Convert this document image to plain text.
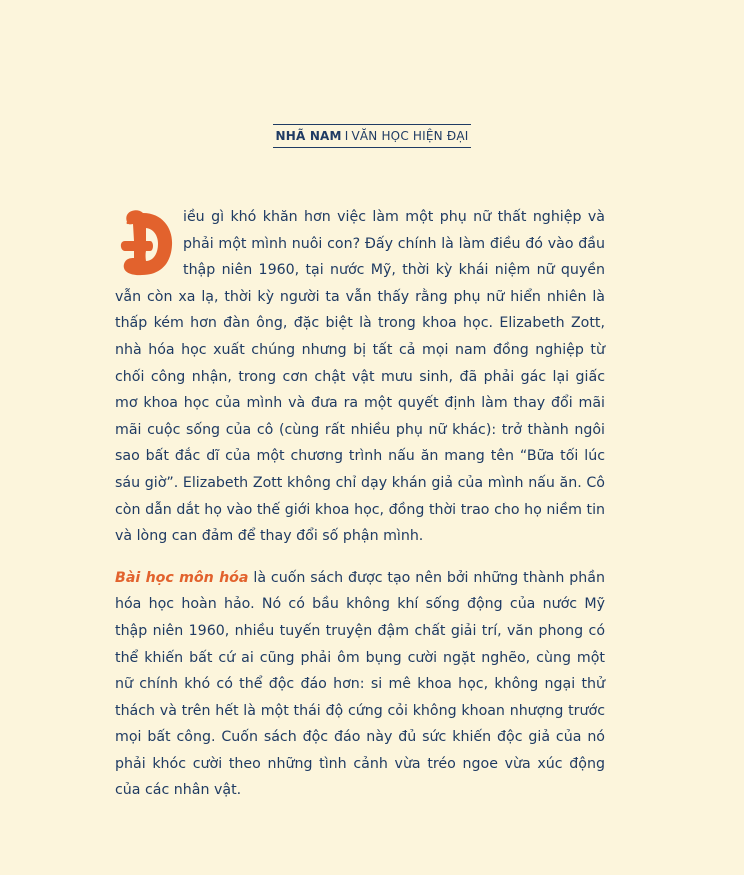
NHÃ NAM I VĂN HỌC HIỆN ĐẠI

iều gì khó khăn hơn việc làm một phụ nữ thất nghiệp và phải một mình nuôi con? Đấy chính là làm điều đó vào đầu thập niên 1960, tại nước Mỹ, thời kỳ khái niệm nữ quyền vẫn còn xa lạ, thời kỳ người ta vẫn thấy rằng phụ nữ hiển nhiên là thấp kém hơn đàn ông, đặc biệt là trong khoa học. Elizabeth Zott, nhà hóa học xuất chúng nhưng bị tất cả mọi nam đồng nghiệp từ chối công nhận, trong cơn chật vật mưu sinh, đã phải gác lại giấc mơ khoa học của mình và đưa ra một quyết định làm thay đổi mãi mãi cuộc sống của cô (cùng rất nhiều phụ nữ khác): trở thành ngôi sao bất đắc dĩ của một chương trình nấu ăn mang tên “Bữa tối lúc sáu giờ”. Elizabeth Zott không chỉ dạy khán giả của mình nấu ăn. Cô còn dẫn dắt họ vào thế giới khoa học, đồng thời trao cho họ niềm tin và lòng can đảm để thay đổi số phận mình.

Bài học môn hóa là cuốn sách được tạo nên bởi những thành phần hóa học hoàn hảo. Nó có bầu không khí sống động của nước Mỹ thập niên 1960, nhiều tuyến truyện đậm chất giải trí, văn phong có thể khiến bất cứ ai cũng phải ôm bụng cười ngặt nghẽo, cùng một nữ chính khó có thể độc đáo hơn: si mê khoa học, không ngại thử thách và trên hết là một thái độ cứng cỏi không khoan nhượng trước mọi bất công. Cuốn sách độc đáo này đủ sức khiến độc giả của nó phải khóc cười theo những tình cảnh vừa tréo ngoe vừa xúc động của các nhân vật.
